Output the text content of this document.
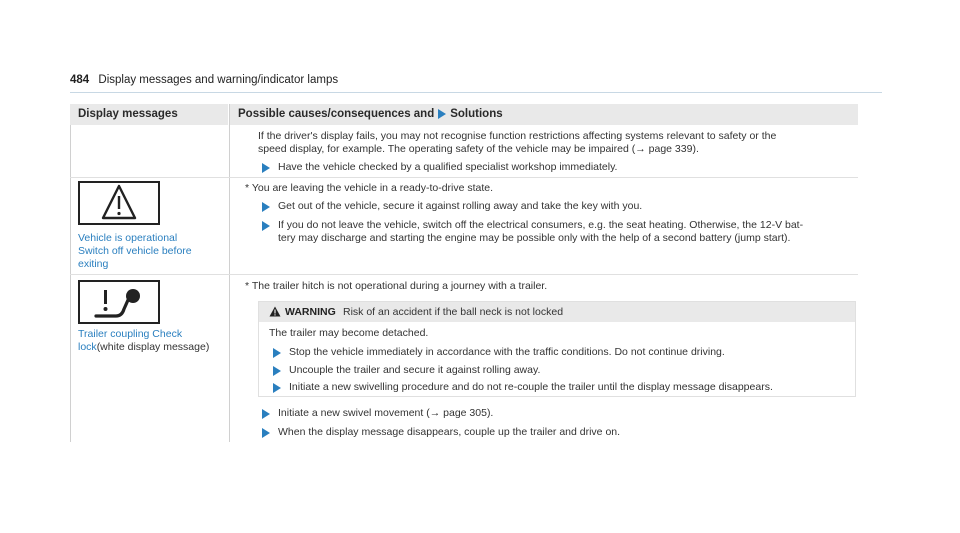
484 Display messages and warning/indicator lamps
Display messages	Possible causes/consequences and Solutions
If the driver's display fails, you may not recognise function restrictions affecting systems relevant to safety or the
speed display, for example. The operating safety of the vehicle may be impaired (→ page 339).
Have the vehicle checked by a qualified specialist workshop immediately.
Vehicle is operational
Switch off vehicle before
exiting
* You are leaving the vehicle in a ready-to-drive state.
Get out of the vehicle, secure it against rolling away and take the key with you.
If you do not leave the vehicle, switch off the electrical consumers, e.g. the seat heating. Otherwise, the 12-V bat-
tery may discharge and starting the engine may be possible only with the help of a second battery (jump start).
Trailer coupling Check
lock(white display message)
* The trailer hitch is not operational during a journey with a trailer.
WARNING Risk of an accident if the ball neck is not locked
The trailer may become detached.
Stop the vehicle immediately in accordance with the traffic conditions. Do not continue driving.
Uncouple the trailer and secure it against rolling away.
Initiate a new swivelling procedure and do not re-couple the trailer until the display message disappears.
Initiate a new swivel movement (→ page 305).
When the display message disappears, couple up the trailer and drive on.
